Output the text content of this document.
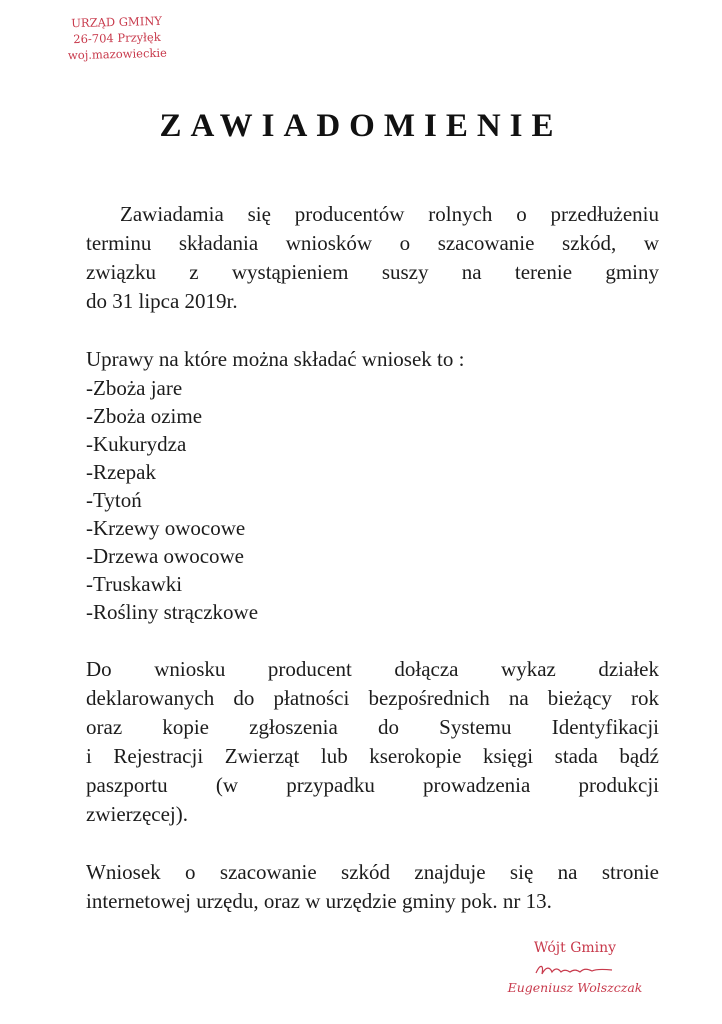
URZĄD GMINY
26-704 Przyłęk
woj.mazowieckie
ZAWIADOMIENIE
Zawiadamia się producentów rolnych o przedłużeniu
terminu składania wniosków o szacowanie szkód, w
związku z wystąpieniem suszy na terenie gminy
do 31 lipca 2019r.
Uprawy na które można składać wniosek to :
-Zboża jare
-Zboża ozime
-Kukurydza
-Rzepak
-Tytoń
-Krzewy owocowe
-Drzewa owocowe
-Truskawki
-Rośliny strączkowe
Do wniosku producent dołącza wykaz działek
deklarowanych do płatności bezpośrednich na bieżący rok
oraz kopie zgłoszenia do Systemu Identyfikacji
i Rejestracji Zwierząt lub kserokopie księgi stada bądź
paszportu (w przypadku prowadzenia produkcji
zwierzęcej).
Wniosek o szacowanie szkód znajduje się na stronie
internetowej urzędu, oraz w urzędzie gminy pok. nr 13.
Wójt Gminy
Eugeniusz Wolszczak
